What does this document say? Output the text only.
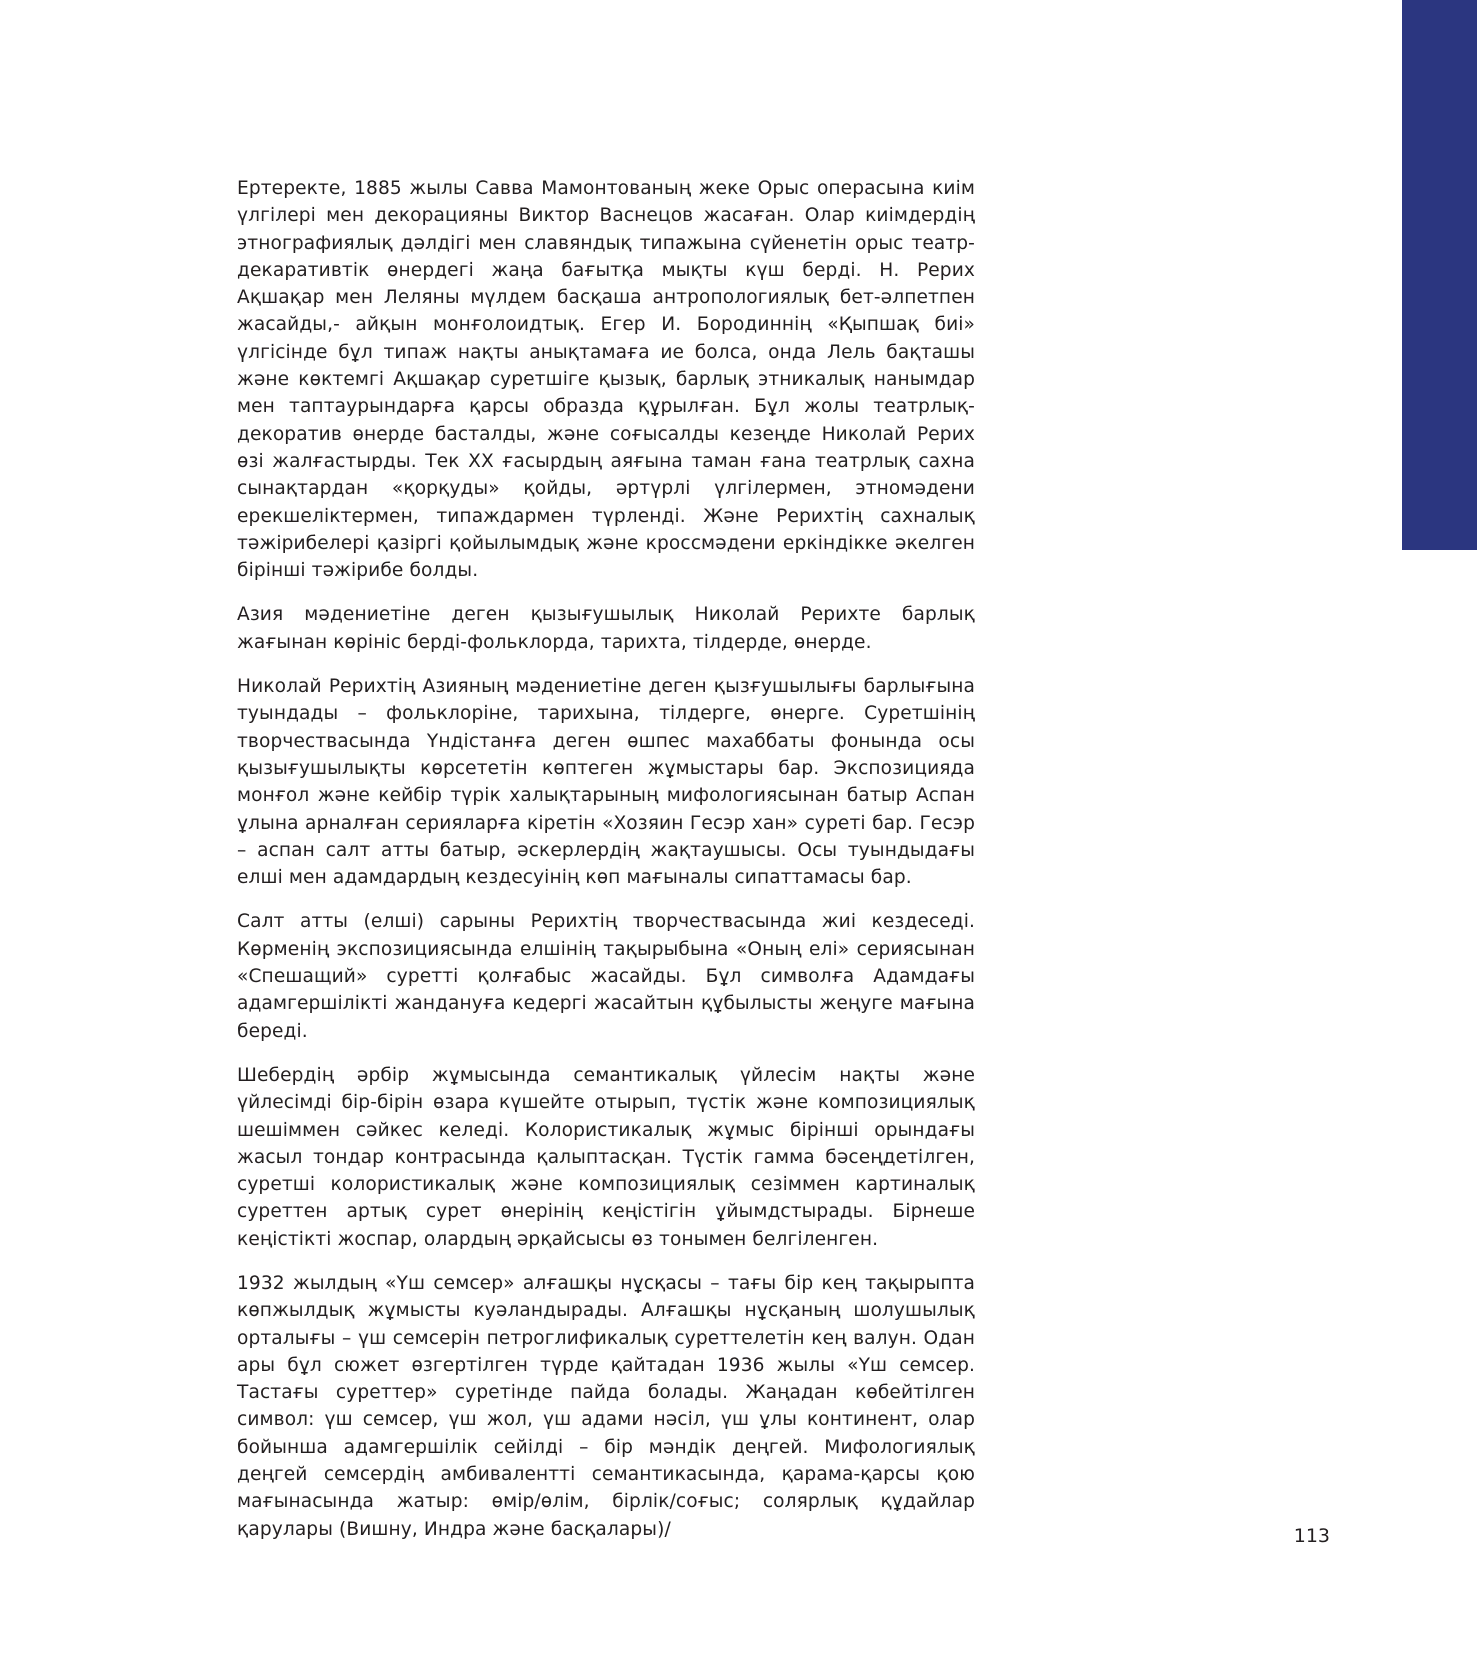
Ертеректе, 1885 жылы Савва Мамонтованың жеке Орыс операсына киім үлгілері мен декорацияны Виктор Васнецов жасаған. Олар киімдердің этнографиялық дәлдігі мен славяндық типажына сүйенетін орыс театр-декаративтік өнердегі жаңа бағытқа мықты күш берді. Н. Рерих Ақшақар мен Леляны мүлдем басқаша антропологиялық бет-әлпетпен жасайды,- айқын монғолоидтық. Егер И. Бородиннің «Қыпшақ биі» үлгісінде бұл типаж нақты анықтамаға ие болса, онда Лель бақташы және көктемгі Ақшақар суретшіге қызық, барлық этникалық нанымдар мен таптаурындарға қарсы образда құрылған. Бұл жолы театрлық-декоратив өнерде басталды, және соғысалды кезеңде Николай Рерих өзі жалғастырды. Тек XX ғасырдың аяғына таман ғана театрлық сахна сынақтардан «қорқуды» қойды, әртүрлі үлгілермен, этномәдени ерекшеліктермен, типаждармен түрленді. Және Рерихтің сахналық тәжірибелері қазіргі қойылымдық және кроссмәдени еркіндікке әкелген бірінші тәжірибе болды.

Азия мәдениетіне деген қызығушылық Николай Рерихте барлық жағынан көрініс берді-фольклорда, тарихта, тілдерде, өнерде.

Николай Рерихтің Азияның мәдениетіне деген қызғушылығы барлығына туындады – фольклоріне, тарихына, тілдерге, өнерге. Суретшінің творчествасында Үндістанға деген өшпес махаббаты фонында осы қызығушылықты көрсететін көптеген жұмыстары бар. Экспозицияда монғол және кейбір түрік халықтарының мифологиясынан батыр Аспан ұлына арналған серияларға кіретін «Хозяин Гесэр хан» суреті бар. Гесэр – аспан салт атты батыр, әскерлердің жақтаушысы. Осы туындыдағы елші мен адамдардың кездесуінің көп мағыналы сипаттамасы бар.

Салт атты (елші) сарыны Рерихтің творчествасында жиі кездеседі. Көрменің экспозициясында елшінің тақырыбына «Оның елі» сериясынан «Спешащий» суретті қолғабыс жасайды. Бұл символға Адамдағы адамгершілікті жандануға кедергі жасайтын құбылысты жеңуге мағына береді.

Шебердің әрбір жұмысында семантикалық үйлесім нақты және үйлесімді бір-бірін өзара күшейте отырып, түстік және композициялық шешіммен сәйкес келеді. Колористикалық жұмыс бірінші орындағы жасыл тондар контрасында қалыптасқан. Түстік гамма бәсеңдетілген, суретші колористикалық және композициялық сезіммен картиналық суреттен артық сурет өнерінің кеңістігін ұйымдстырады. Бірнеше кеңістікті жоспар, олардың әрқайсысы өз тонымен белгіленген.

1932 жылдың «Үш семсер» алғашқы нұсқасы – тағы бір кең тақырыпта көпжылдық жұмысты куәландырады. Алғашқы нұсқаның шолушылық орталығы – үш семсерін петроглификалық суреттелетін кең валун. Одан ары бұл сюжет өзгертілген түрде қайтадан 1936 жылы «Үш семсер. Тастағы суреттер» суретінде пайда болады. Жаңадан көбейтілген символ: үш семсер, үш жол, үш адами нәсіл, үш ұлы континент, олар бойынша адамгершілік сейілді – бір мәндік деңгей. Мифологиялық деңгей семсердің амбивалентті семантикасында, қарама-қарсы қою мағынасында жатыр: өмір/өлім, бірлік/соғыс; солярлық құдайлар қарулары (Вишну, Индра және басқалары)/	113
